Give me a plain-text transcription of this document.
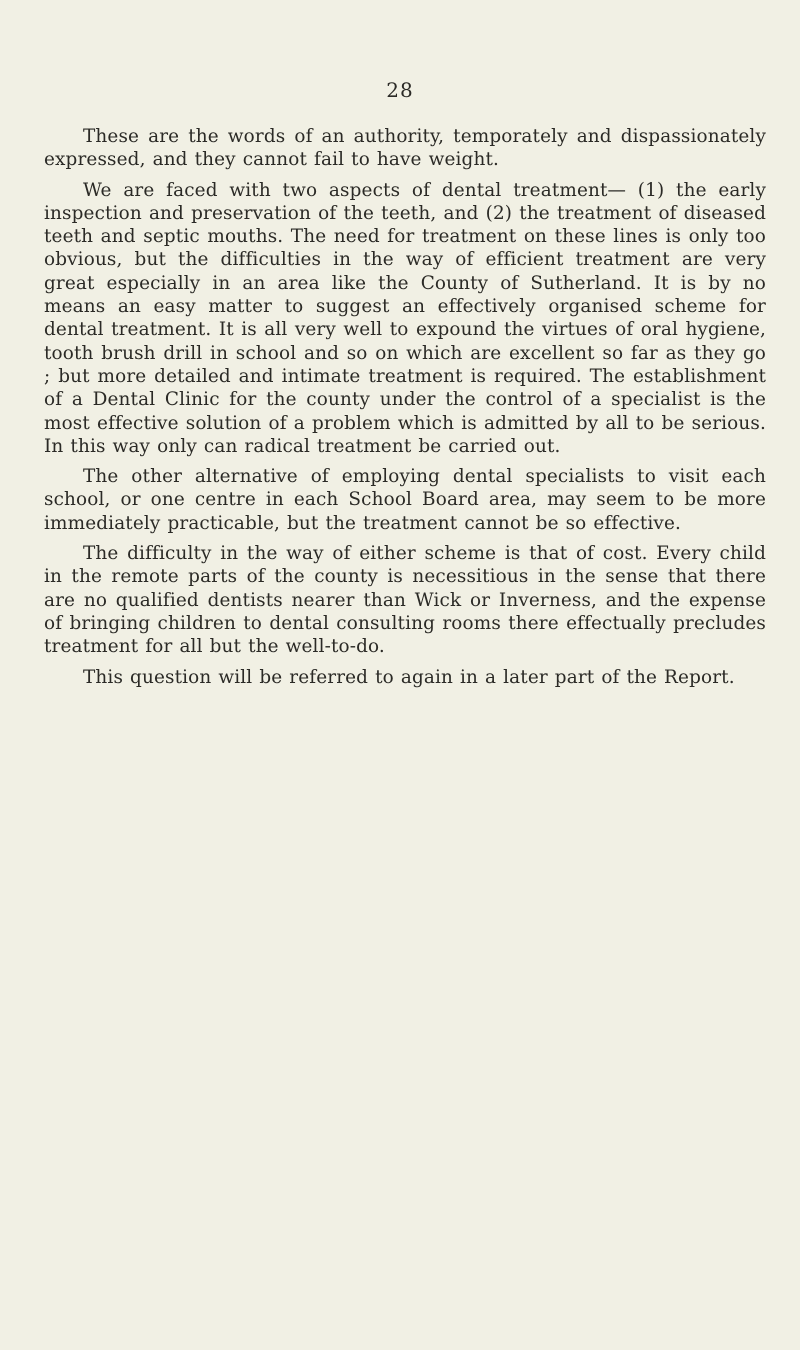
28

These are the words of an authority, temporately and dispassionately expressed, and they cannot fail to have weight.

We are faced with two aspects of dental treatment— (1) the early inspection and preservation of the teeth, and (2) the treatment of diseased teeth and septic mouths. The need for treatment on these lines is only too obvious, but the difficulties in the way of efficient treatment are very great especially in an area like the County of Sutherland. It is by no means an easy matter to suggest an effectively organised scheme for dental treatment. It is all very well to expound the virtues of oral hygiene, tooth brush drill in school and so on which are excellent so far as they go ; but more detailed and intimate treatment is required. The establishment of a Dental Clinic for the county under the control of a specialist is the most effective solution of a problem which is admitted by all to be serious. In this way only can radical treatment be carried out.

The other alternative of employing dental specialists to visit each school, or one centre in each School Board area, may seem to be more immediately practicable, but the treatment cannot be so effective.

The difficulty in the way of either scheme is that of cost. Every child in the remote parts of the county is necessitious in the sense that there are no qualified dentists nearer than Wick or Inverness, and the expense of bringing children to dental consulting rooms there effectually precludes treatment for all but the well-to-do.

This question will be referred to again in a later part of the Report.
